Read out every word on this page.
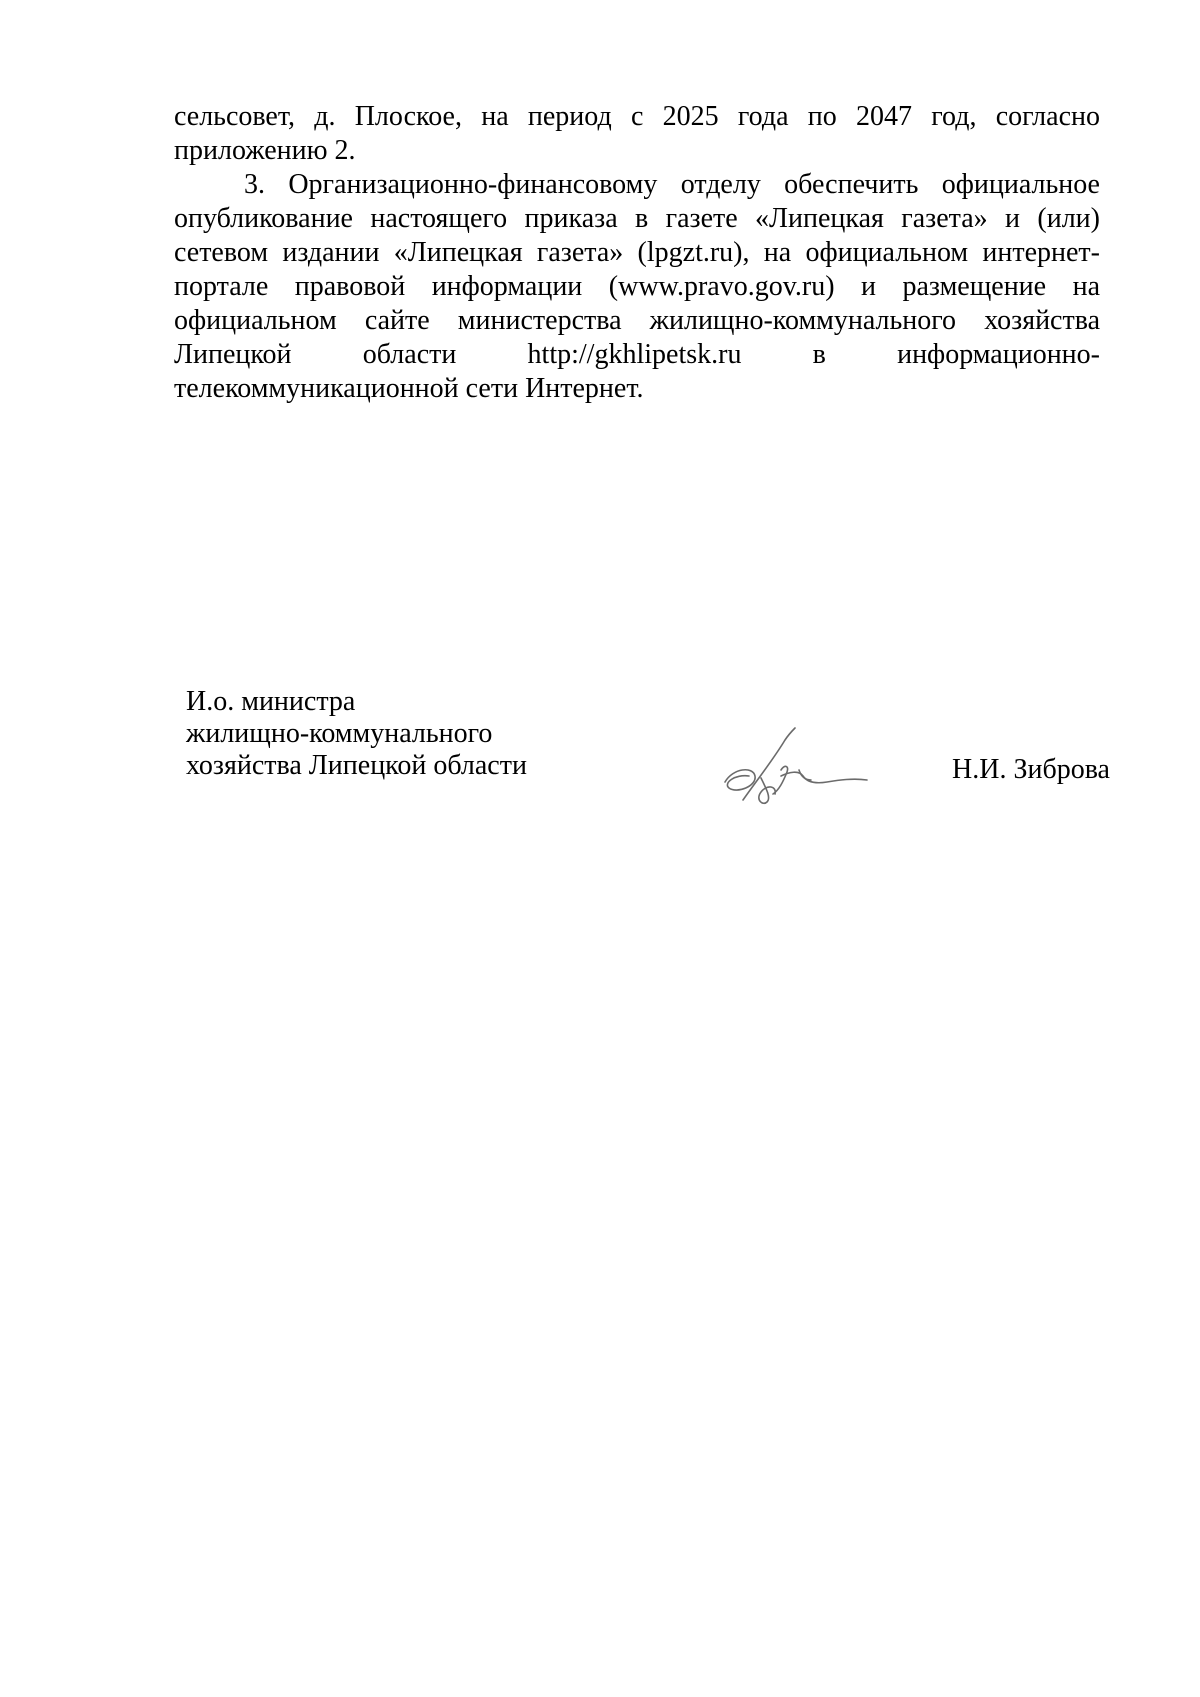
сельсовет, д. Плоское, на период с 2025 года по 2047 год, согласно
приложению 2.
3. Организационно-финансовому отделу обеспечить официальное
опубликование настоящего приказа в газете «Липецкая газета» и (или)
сетевом издании «Липецкая газета» (lpgzt.ru), на официальном интернет-
портале правовой информации (www.pravo.gov.ru) и размещение на
официальном сайте министерства жилищно-коммунального хозяйства
Липецкой области http://gkhlipetsk.ru в информационно-
телекоммуникационной сети Интернет.
И.о. министра
жилищно-коммунального
хозяйства Липецкой области	Н.И. Зиброва
